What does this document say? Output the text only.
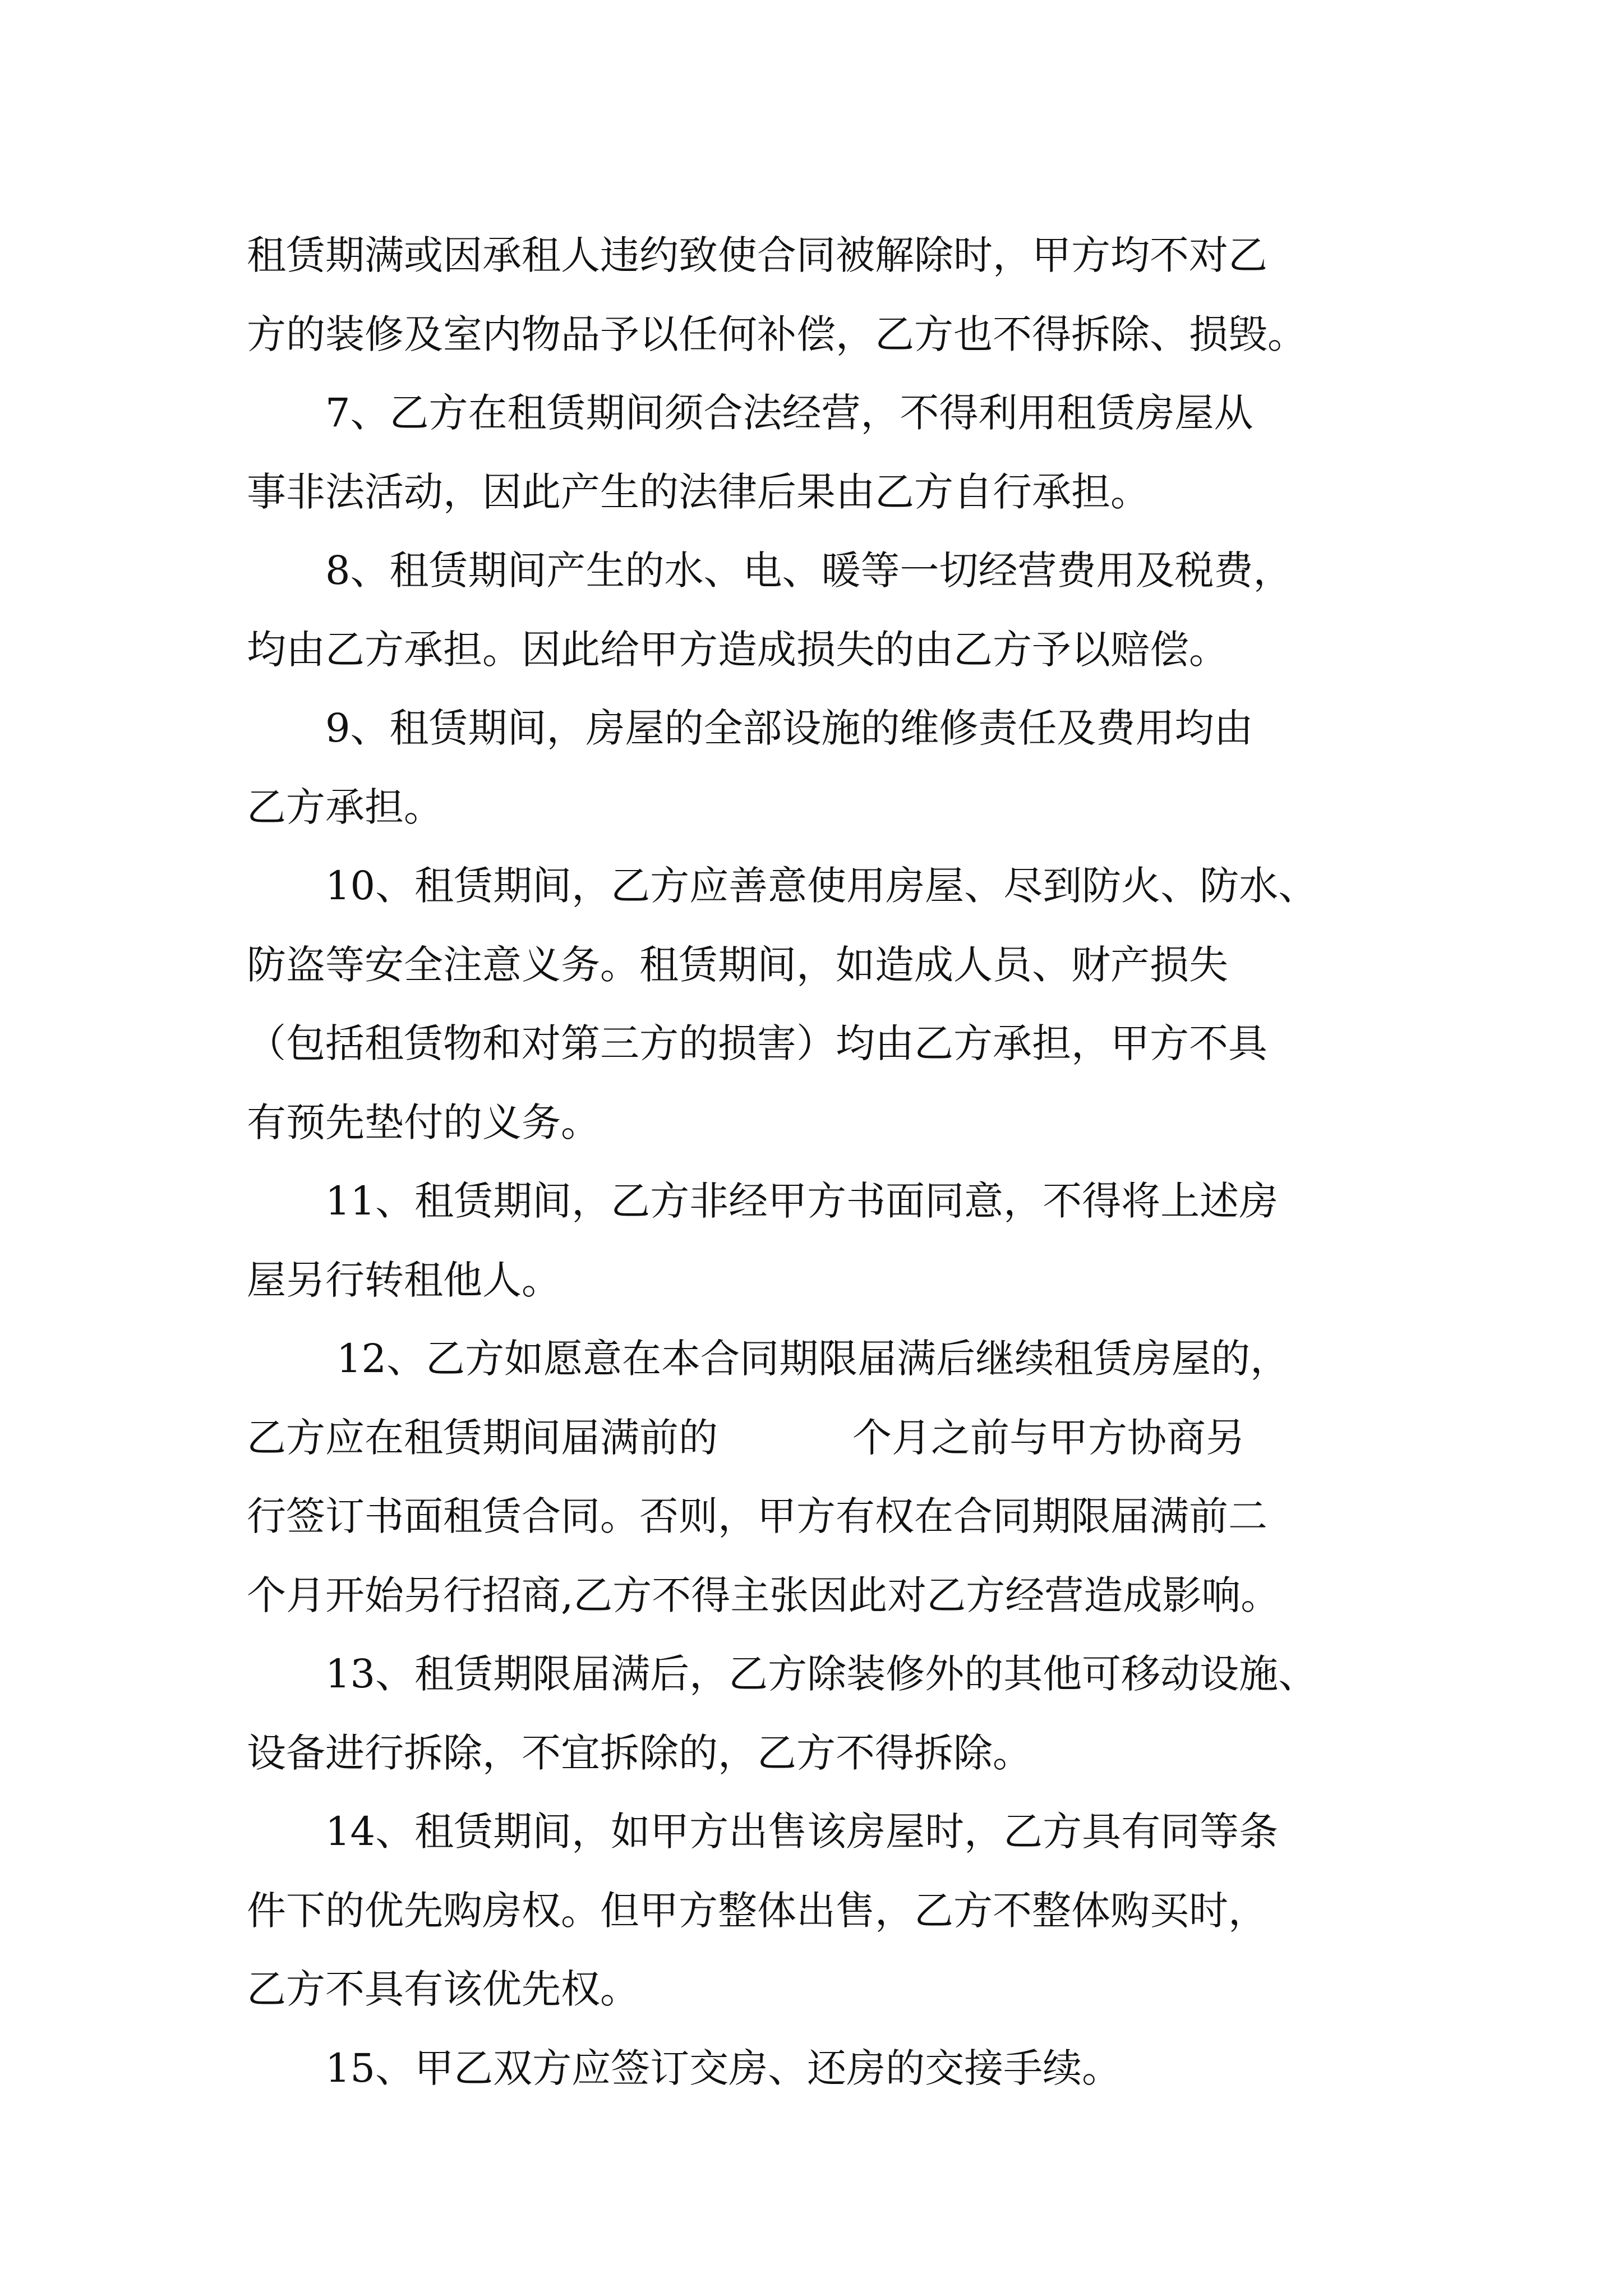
租赁期满或因承租人违约致使合同被解除时，甲方均不对乙
方的装修及室内物品予以任何补偿，乙方也不得拆除、损毁。
7、乙方在租赁期间须合法经营，不得利用租赁房屋从
事非法活动，因此产生的法律后果由乙方自行承担。
8、租赁期间产生的水、电、暖等一切经营费用及税费，
均由乙方承担。因此给甲方造成损失的由乙方予以赔偿。
9、租赁期间，房屋的全部设施的维修责任及费用均由
乙方承担。
10、租赁期间，乙方应善意使用房屋、尽到防火、防水、
防盗等安全注意义务。租赁期间，如造成人员、财产损失
（包括租赁物和对第三方的损害）均由乙方承担，甲方不具
有预先垫付的义务。
11、租赁期间，乙方非经甲方书面同意，不得将上述房
屋另行转租他人。
12、乙方如愿意在本合同期限届满后继续租赁房屋的，
乙方应在租赁期间届满前的	个月之前与甲方协商另
行签订书面租赁合同。否则，甲方有权在合同期限届满前二
个月开始另行招商,乙方不得主张因此对乙方经营造成影响。
13、租赁期限届满后，乙方除装修外的其他可移动设施、
设备进行拆除，不宜拆除的，乙方不得拆除。
14、租赁期间，如甲方出售该房屋时，乙方具有同等条
件下的优先购房权。但甲方整体出售，乙方不整体购买时，
乙方不具有该优先权。
15、甲乙双方应签订交房、还房的交接手续。
